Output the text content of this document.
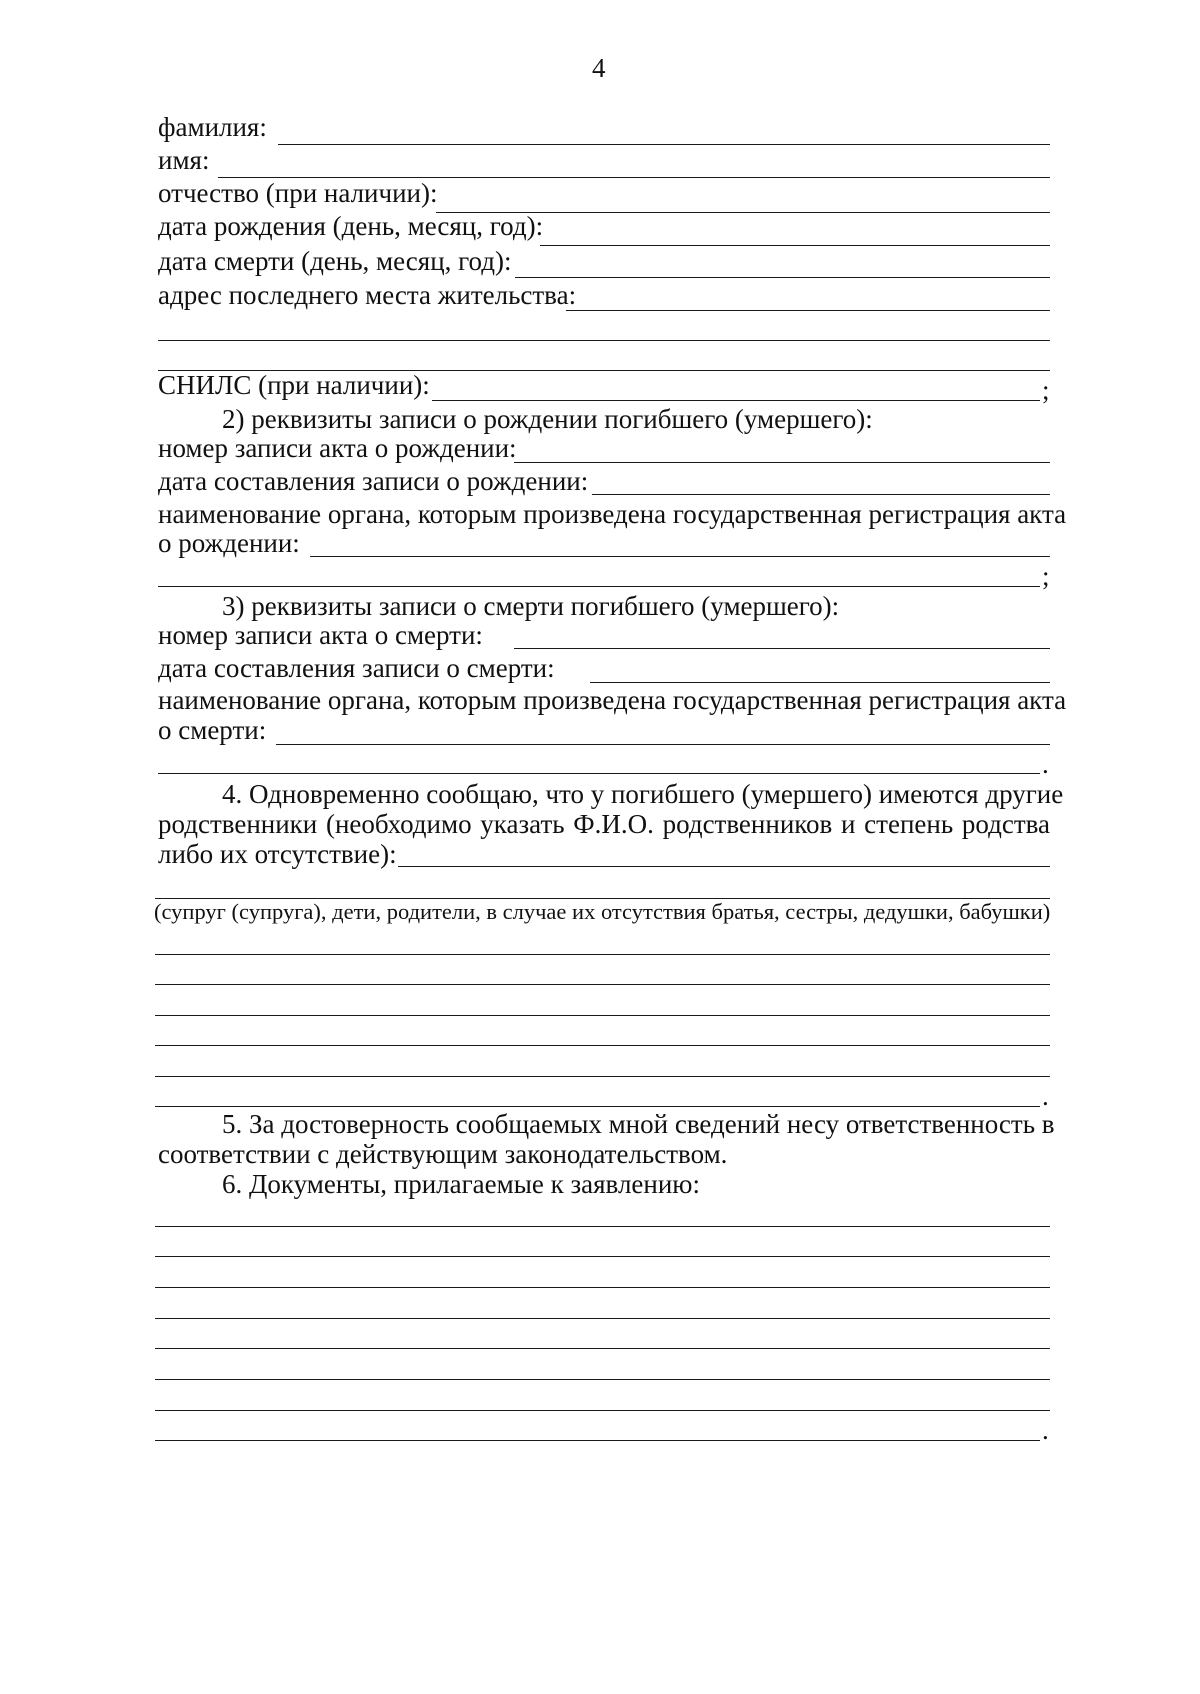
4
фамилия:
имя:
отчество (при наличии):
дата рождения (день, месяц, год):
дата смерти (день, месяц, год):
адрес последнего места жительства:
СНИЛС (при наличии):	;
2) реквизиты записи о рождении погибшего (умершего):
номер записи акта о рождении:
дата составления записи о рождении:
наименование органа, которым произведена государственная регистрация акта
о рождении:
;
3) реквизиты записи о смерти погибшего (умершего):
номер записи акта о смерти:
дата составления записи о смерти:
наименование органа, которым произведена государственная регистрация акта
о смерти:
.
4. Одновременно сообщаю, что у погибшего (умершего) имеются другие
родственники (необходимо указать Ф.И.О. родственников и степень родства
либо их отсутствие):
(супруг (супруга), дети, родители, в случае их отсутствия братья, сестры, дедушки, бабушки)
.
5. За достоверность сообщаемых мной сведений несу ответственность в
соответствии с действующим законодательством.
6. Документы, прилагаемые к заявлению:
.
